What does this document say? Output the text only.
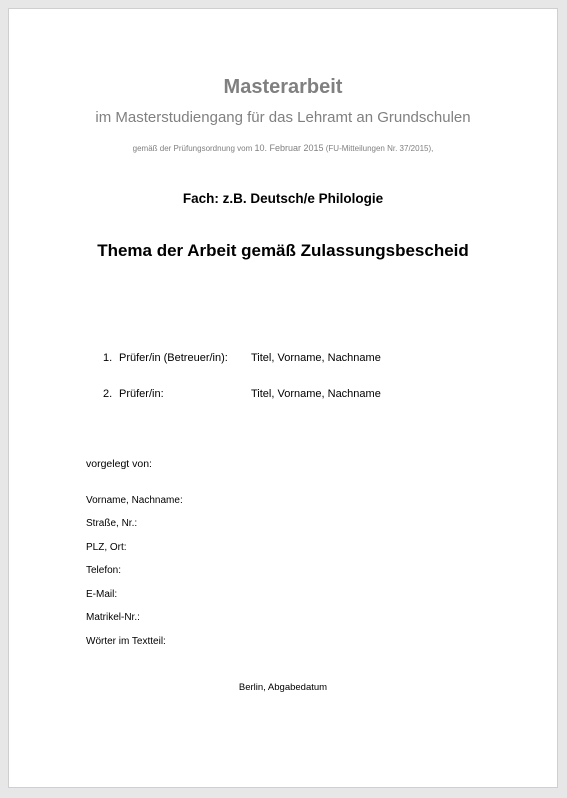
Masterarbeit
im Masterstudiengang für das Lehramt an Grundschulen
gemäß der Prüfungsordnung vom 10. Februar 2015 (FU-Mitteilungen Nr. 37/2015),
Fach: z.B. Deutsch/e Philologie
Thema der Arbeit gemäß Zulassungsbescheid
1. Prüfer/in (Betreuer/in): Titel, Vorname, Nachname
2. Prüfer/in:	Titel, Vorname, Nachname
vorgelegt von:
Vorname, Nachname:
Straße, Nr.:
PLZ, Ort:
Telefon:
E-Mail:
Matrikel-Nr.:
Wörter im Textteil:
Berlin, Abgabedatum
